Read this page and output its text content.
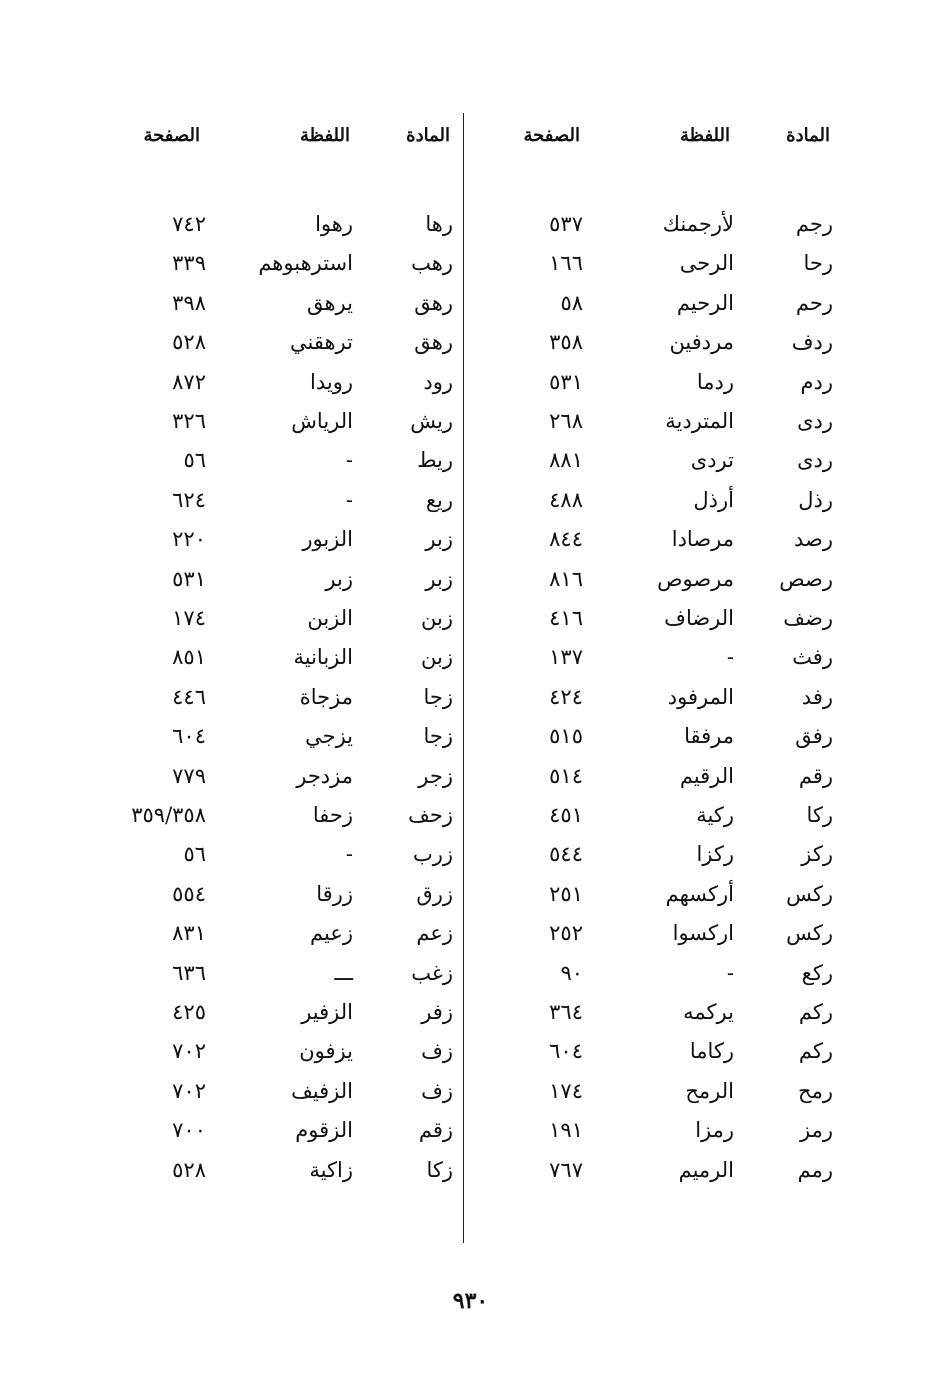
المادة
اللفظة
الصفحة
المادة
اللفظة
الصفحة
رجم
لأرجمنك
٥٣٧
رحا
الرحى
١٦٦
رحم
الرحيم
٥٨
ردف
مردفين
٣٥٨
ردم
ردما
٥٣١
ردى
المتردية
٢٦٨
ردى
تردى
٨٨١
رذل
أرذل
٤٨٨
رصد
مرصادا
٨٤٤
رصص
مرصوص
٨١٦
رضف
الرضاف
٤١٦
رفث
-
١٣٧
رفد
المرفود
٤٢٤
رفق
مرفقا
٥١٥
رقم
الرقيم
٥١٤
ركا
ركية
٤٥١
ركز
ركزا
٥٤٤
ركس
أركسهم
٢٥١
ركس
اركسوا
٢٥٢
ركع
-
٩٠
ركم
يركمه
٣٦٤
ركم
ركاما
٦٠٤
رمح
الرمح
١٧٤
رمز
رمزا
١٩١
رمم
الرميم
٧٦٧
رها
رهوا
٧٤٢
رهب
استرهبوهم
٣٣٩
رهق
يرهق
٣٩٨
رهق
ترهقني
٥٢٨
رود
رويدا
٨٧٢
ريش
الرياش
٣٢٦
ريط
-
٥٦
ريع
-
٦٢٤
زبر
الزبور
٢٢٠
زبر
زبر
٥٣١
زبن
الزبن
١٧٤
زبن
الزبانية
٨٥١
زجا
مزجاة
٤٤٦
زجا
يزجي
٦٠٤
زجر
مزدجر
٧٧٩
زحف
زحفا
٣٥٩/٣٥٨
زرب
-
٥٦
زرق
زرقا
٥٥٤
زعم
زعيم
٨٣١
زغب
ـــ
٦٣٦
زفر
الزفير
٤٢٥
زف
يزفون
٧٠٢
زف
الزفيف
٧٠٢
زقم
الزقوم
٧٠٠
زكا
زاكية
٥٢٨
٩٣٠
